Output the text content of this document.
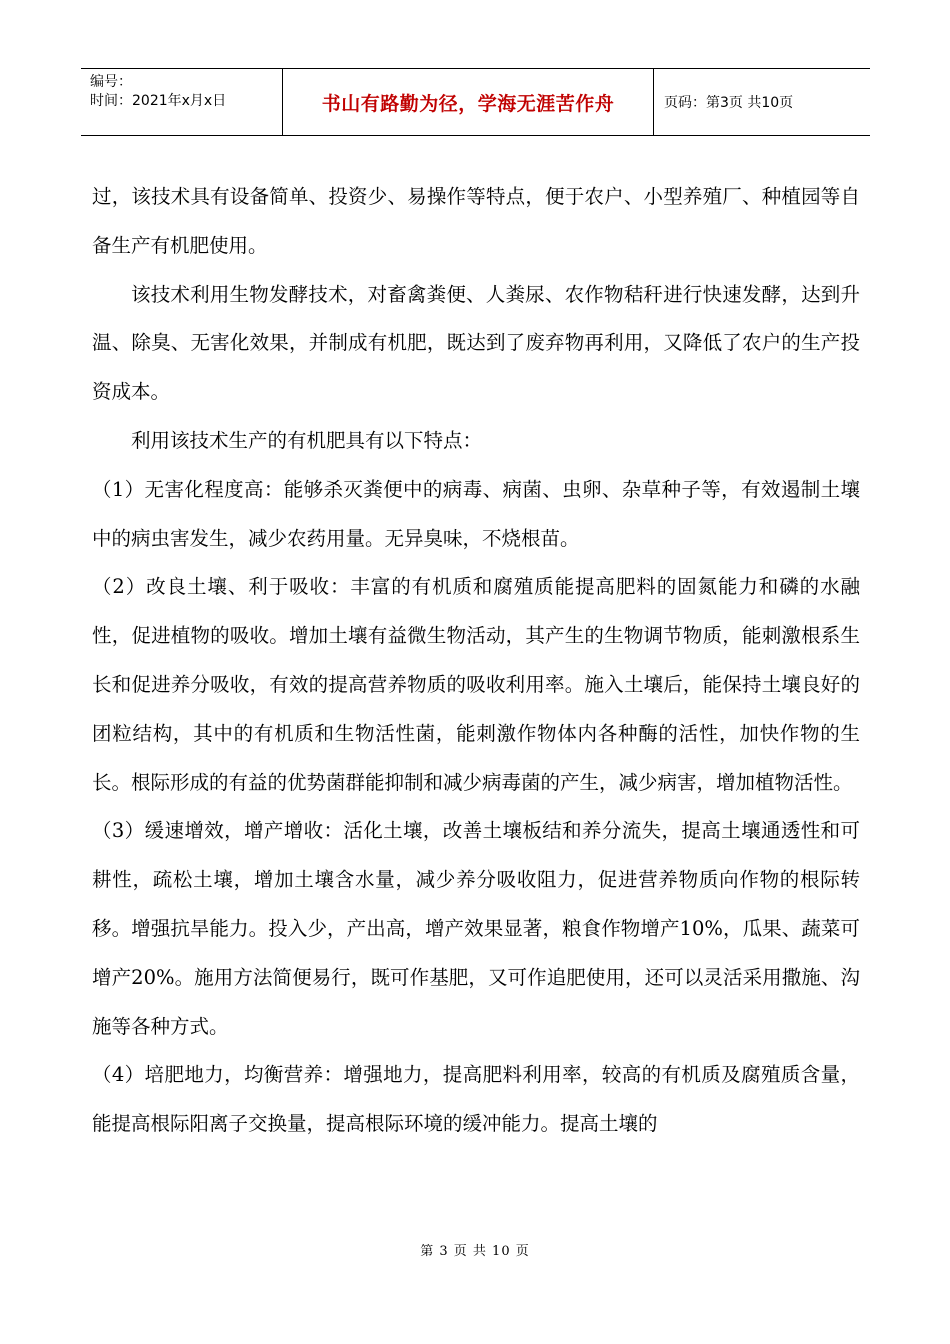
编号：
时间：2021年x月x日	书山有路勤为径，学海无涯苦作舟	页码：第3页 共10页

过，该技术具有设备简单、投资少、易操作等特点，便于农户、小型养殖厂、种植园等自备生产有机肥使用。

该技术利用生物发酵技术，对畜禽粪便、人粪尿、农作物秸秆进行快速发酵，达到升温、除臭、无害化效果，并制成有机肥，既达到了废弃物再利用，又降低了农户的生产投资成本。

利用该技术生产的有机肥具有以下特点：

（1）无害化程度高：能够杀灭粪便中的病毒、病菌、虫卵、杂草种子等，有效遏制土壤中的病虫害发生，减少农药用量。无异臭味，不烧根苗。

（2）改良土壤、利于吸收：丰富的有机质和腐殖质能提高肥料的固氮能力和磷的水融性，促进植物的吸收。增加土壤有益微生物活动，其产生的生物调节物质，能刺激根系生长和促进养分吸收，有效的提高营养物质的吸收利用率。施入土壤后，能保持土壤良好的团粒结构，其中的有机质和生物活性菌，能刺激作物体内各种酶的活性，加快作物的生长。根际形成的有益的优势菌群能抑制和减少病毒菌的产生，减少病害，增加植物活性。

（3）缓速增效，增产增收：活化土壤，改善土壤板结和养分流失，提高土壤通透性和可耕性，疏松土壤，增加土壤含水量，减少养分吸收阻力，促进营养物质向作物的根际转移。增强抗旱能力。投入少，产出高，增产效果显著，粮食作物增产10%，瓜果、蔬菜可增产20%。施用方法简便易行，既可作基肥，又可作追肥使用，还可以灵活采用撒施、沟施等各种方式。

（4）培肥地力，均衡营养：增强地力，提高肥料利用率，较高的有机质及腐殖质含量，能提高根际阳离子交换量，提高根际环境的缓冲能力。提高土壤的

第 3 页 共 10 页
